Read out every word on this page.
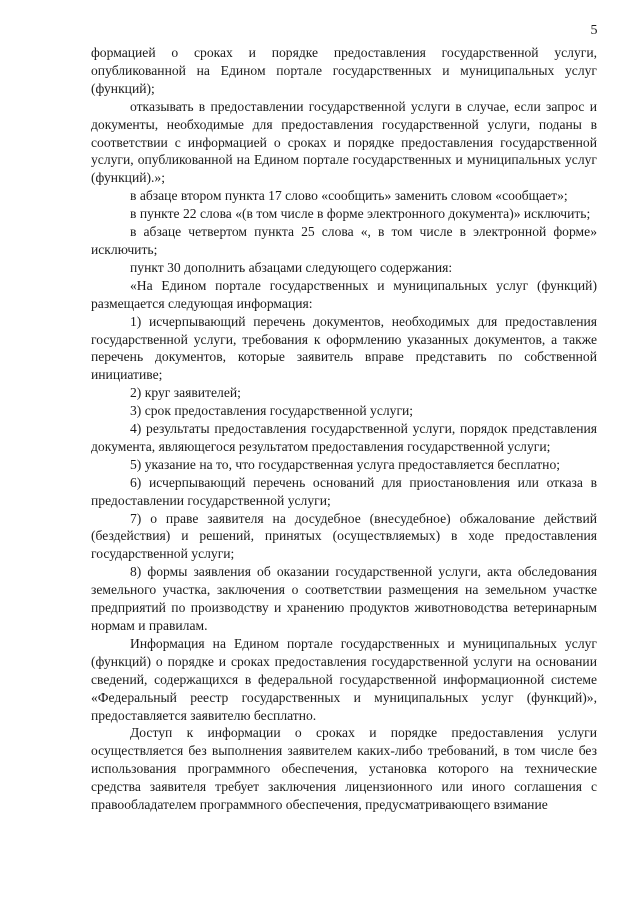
5

формацией о сроках и порядке предоставления государственной услуги, опубликованной на Едином портале государственных и муниципальных услуг (функций);

отказывать в предоставлении государственной услуги в случае, если запрос и документы, необходимые для предоставления государственной услуги, поданы в соответствии с информацией о сроках и порядке предоставления государственной услуги, опубликованной на Едином портале государственных и муниципальных услуг (функций).»;

в абзаце втором пункта 17 слово «сообщить» заменить словом «сообщает»;

в пункте 22 слова «(в том числе в форме электронного документа)» исключить;

в абзаце четвертом пункта 25 слова «, в том числе в электронной форме» исключить;

пункт 30 дополнить абзацами следующего содержания:

«На Едином портале государственных и муниципальных услуг (функций) размещается следующая информация:

1) исчерпывающий перечень документов, необходимых для предоставления государственной услуги, требования к оформлению указанных документов, а также перечень документов, которые заявитель вправе представить по собственной инициативе;

2) круг заявителей;

3) срок предоставления государственной услуги;

4) результаты предоставления государственной услуги, порядок представления документа, являющегося результатом предоставления государственной услуги;

5) указание на то, что государственная услуга предоставляется бесплатно;

6) исчерпывающий перечень оснований для приостановления или отказа в предоставлении государственной услуги;

7) о праве заявителя на досудебное (внесудебное) обжалование действий (бездействия) и решений, принятых (осуществляемых) в ходе предоставления государственной услуги;

8) формы заявления об оказании государственной услуги, акта обследования земельного участка, заключения о соответствии размещения на земельном участке предприятий по производству и хранению продуктов животноводства ветеринарным нормам и правилам.

Информация на Едином портале государственных и муниципальных услуг (функций) о порядке и сроках предоставления государственной услуги на основании сведений, содержащихся в федеральной государственной информационной системе «Федеральный реестр государственных и муниципальных услуг (функций)», предоставляется заявителю бесплатно.

Доступ к информации о сроках и порядке предоставления услуги осуществляется без выполнения заявителем каких-либо требований, в том числе без использования программного обеспечения, установка которого на технические средства заявителя требует заключения лицензионного или иного соглашения с правообладателем программного обеспечения, предусматривающего взимание
